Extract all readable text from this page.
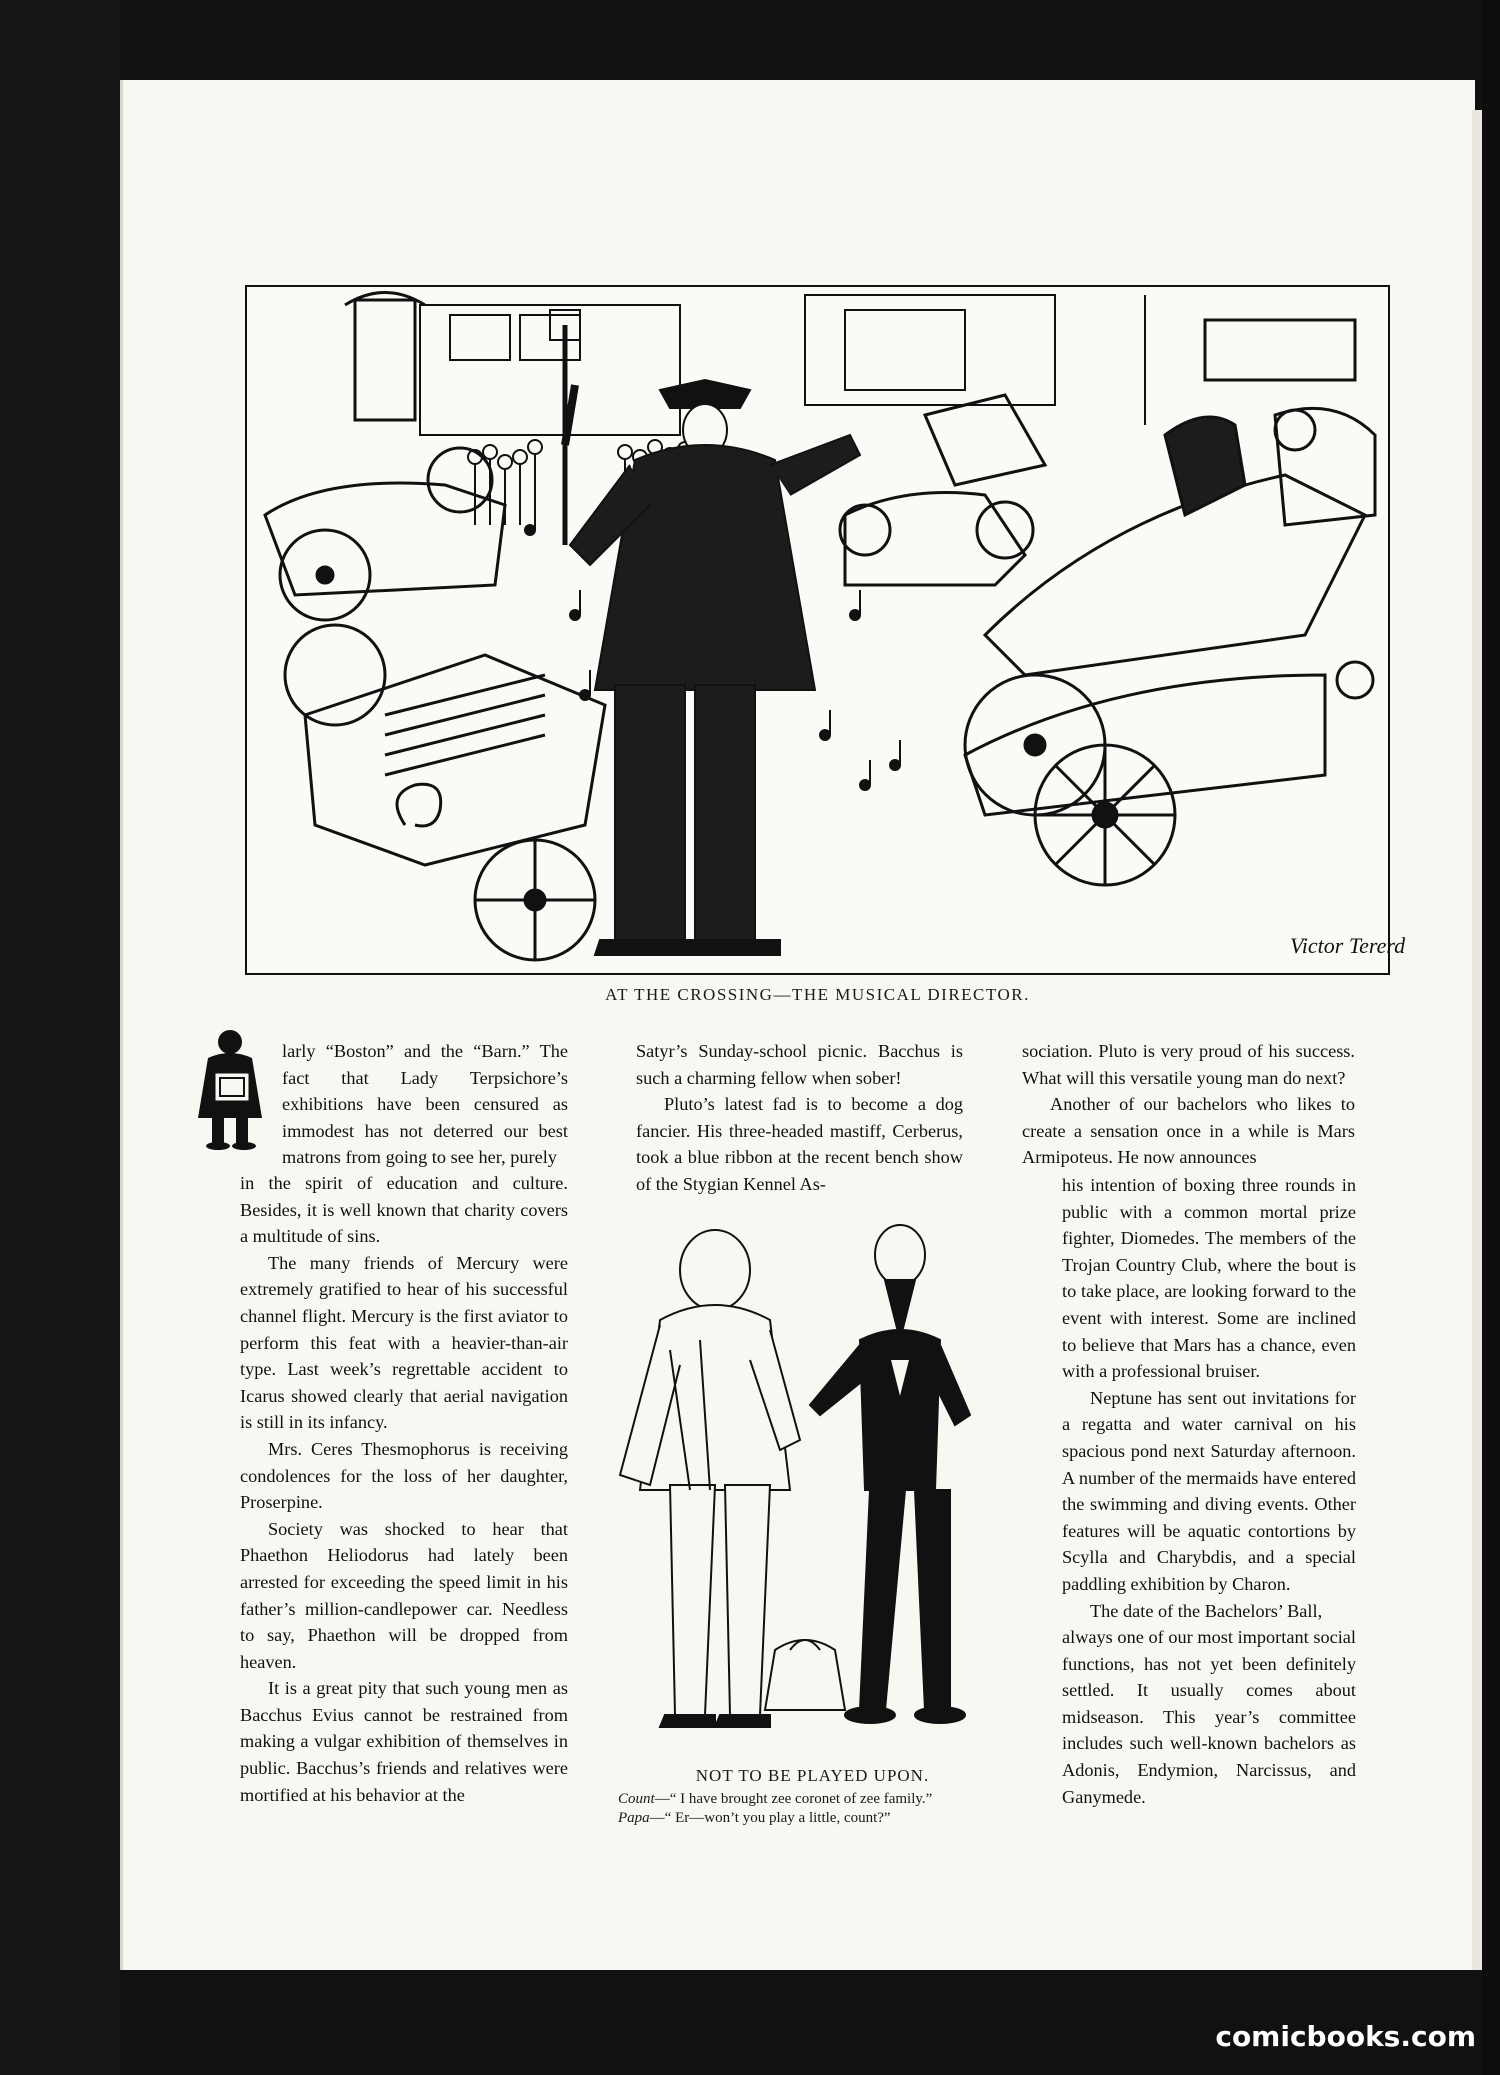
Victor Tererd
AT THE CROSSING—THE MUSICAL DIRECTOR.

larly “Boston” and the “Barn.” The fact that Lady Terpsichore’s exhibitions have been censured as immodest has not deterred our best matrons from going to see her, purely

in the spirit of education and culture. Besides, it is well known that charity covers a multitude of sins.

The many friends of Mercury were extremely gratified to hear of his successful channel flight. Mercury is the first aviator to perform this feat with a heavier-than-air type. Last week’s regrettable accident to Icarus showed clearly that aerial navigation is still in its infancy.

Mrs. Ceres Thesmophorus is receiving condolences for the loss of her daughter, Proserpine.

Society was shocked to hear that Phaethon Heliodorus had lately been arrested for exceeding the speed limit in his father’s million-candlepower car. Needless to say, Phaethon will be dropped from heaven.

It is a great pity that such young men as Bacchus Evius cannot be restrained from making a vulgar exhibition of themselves in public. Bacchus’s friends and relatives were mortified at his behavior at the

Satyr’s Sunday-school picnic. Bacchus is such a charming fellow when sober!

Pluto’s latest fad is to become a dog fancier. His three-headed mastiff, Cerberus, took a blue ribbon at the recent bench show of the Stygian Kennel As-

NOT TO BE PLAYED UPON.
Count—“ I have brought zee coronet of zee family.”
Papa—“ Er—won’t you play a little, count?”

sociation. Pluto is very proud of his success. What will this versatile young man do next?

Another of our bachelors who likes to create a sensation once in a while is Mars Armipoteus. He now announces

his intention of boxing three rounds in public with a common mortal prize fighter, Diomedes. The members of the Trojan Country Club, where the bout is to take place, are looking forward to the event with interest. Some are inclined to believe that Mars has a chance, even with a professional bruiser.

Neptune has sent out invitations for a regatta and water carnival on his spacious pond next Saturday afternoon. A number of the mermaids have entered the swimming and diving events. Other features will be aquatic contortions by Scylla and Charybdis, and a special paddling exhibition by Charon.

The date of the Bachelors’ Ball,

always one of our most important social functions, has not yet been definitely settled. It usually comes about midseason. This year’s committee includes such well-known bachelors as Adonis, Endymion, Narcissus, and Ganymede.

comicbooks.com
